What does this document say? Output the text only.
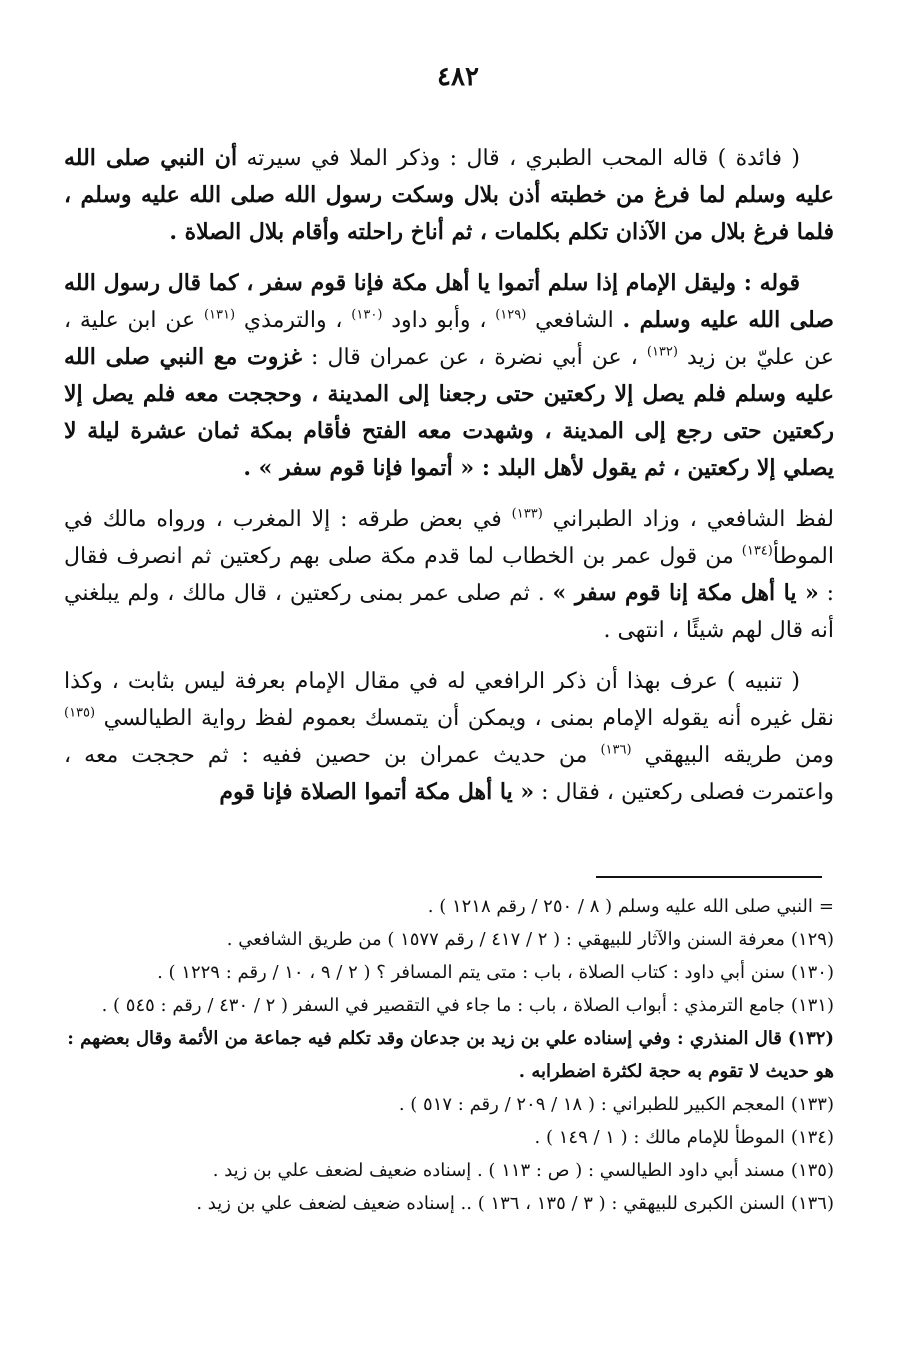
٤٨٢

( فائدة ) قاله المحب الطبري ، قال : وذكر الملا في سيرته أن النبي صلى الله عليه وسلم لما فرغ من خطبته أذن بلال وسكت رسول الله صلى الله عليه وسلم ، فلما فرغ بلال من الآذان تكلم بكلمات ، ثم أناخ راحلته وأقام بلال الصلاة .

قوله : وليقل الإمام إذا سلم أتموا يا أهل مكة فإنا قوم سفر ، كما قال رسول الله صلى الله عليه وسلم . الشافعي $^{(١٢٩)}$ ، وأبو داود $^{(١٣٠)}$ ، والترمذي $^{(١٣١)}$ عن ابن علية ، عن عليّ بن زيد $^{(١٣٢)}$ ، عن أبي نضرة ، عن عمران قال : غزوت مع النبي صلى الله عليه وسلم فلم يصل إلا ركعتين حتى رجعنا إلى المدينة ، وحججت معه فلم يصل إلا ركعتين حتى رجع إلى المدينة ، وشهدت معه الفتح فأقام بمكة ثمان عشرة ليلة لا يصلي إلا ركعتين ، ثم يقول لأهل البلد : « أتموا فإنا قوم سفر » .

لفظ الشافعي ، وزاد الطبراني $^{(١٣٣)}$ في بعض طرقه : إلا المغرب ، ورواه مالك في الموطأ$^{(١٣٤)}$ من قول عمر بن الخطاب لما قدم مكة صلى بهم ركعتين ثم انصرف فقال : « يا أهل مكة إنا قوم سفر » . ثم صلى عمر بمنى ركعتين ، قال مالك ، ولم يبلغني أنه قال لهم شيئًا ، انتهى .

( تنبيه ) عرف بهذا أن ذكر الرافعي له في مقال الإمام بعرفة ليس بثابت ، وكذا نقل غيره أنه يقوله الإمام بمنى ، ويمكن أن يتمسك بعموم لفظ رواية الطيالسي $^{(١٣٥)}$ ومن طريقه البيهقي $^{(١٣٦)}$ من حديث عمران بن حصين ففيه : ثم حججت معه ، واعتمرت فصلى ركعتين ، فقال : « يا أهل مكة أتموا الصلاة فإنا قوم

=النبي صلى الله عليه وسلم ( ٨ / ٢٥٠ / رقم ١٢١٨ ) .

(١٢٩)معرفة السنن والآثار للبيهقي : ( ٢ / ٤١٧ / رقم ١٥٧٧ ) من طريق الشافعي .

(١٣٠)سنن أبي داود : كتاب الصلاة ، باب : متى يتم المسافر ؟ ( ٢ / ٩ ، ١٠ / رقم : ١٢٢٩ ) .

(١٣١)جامع الترمذي : أبواب الصلاة ، باب : ما جاء في التقصير في السفر ( ٢ / ٤٣٠ / رقم : ٥٤٥ ) .

(١٣٢)قال المنذري : وفي إسناده علي بن زيد بن جدعان وقد تكلم فيه جماعة من الأئمة وقال بعضهم : هو حديث لا تقوم به حجة لكثرة اضطرابه .

(١٣٣)المعجم الكبير للطبراني : ( ١٨ / ٢٠٩ / رقم : ٥١٧ ) .

(١٣٤)الموطأ للإمام مالك : ( ١ / ١٤٩ ) .

(١٣٥)مسند أبي داود الطيالسي : ( ص : ١١٣ ) . إسناده ضعيف لضعف علي بن زيد .

(١٣٦)السنن الكبرى للبيهقي : ( ٣ / ١٣٥ ، ١٣٦ ) .. إسناده ضعيف لضعف علي بن زيد .
